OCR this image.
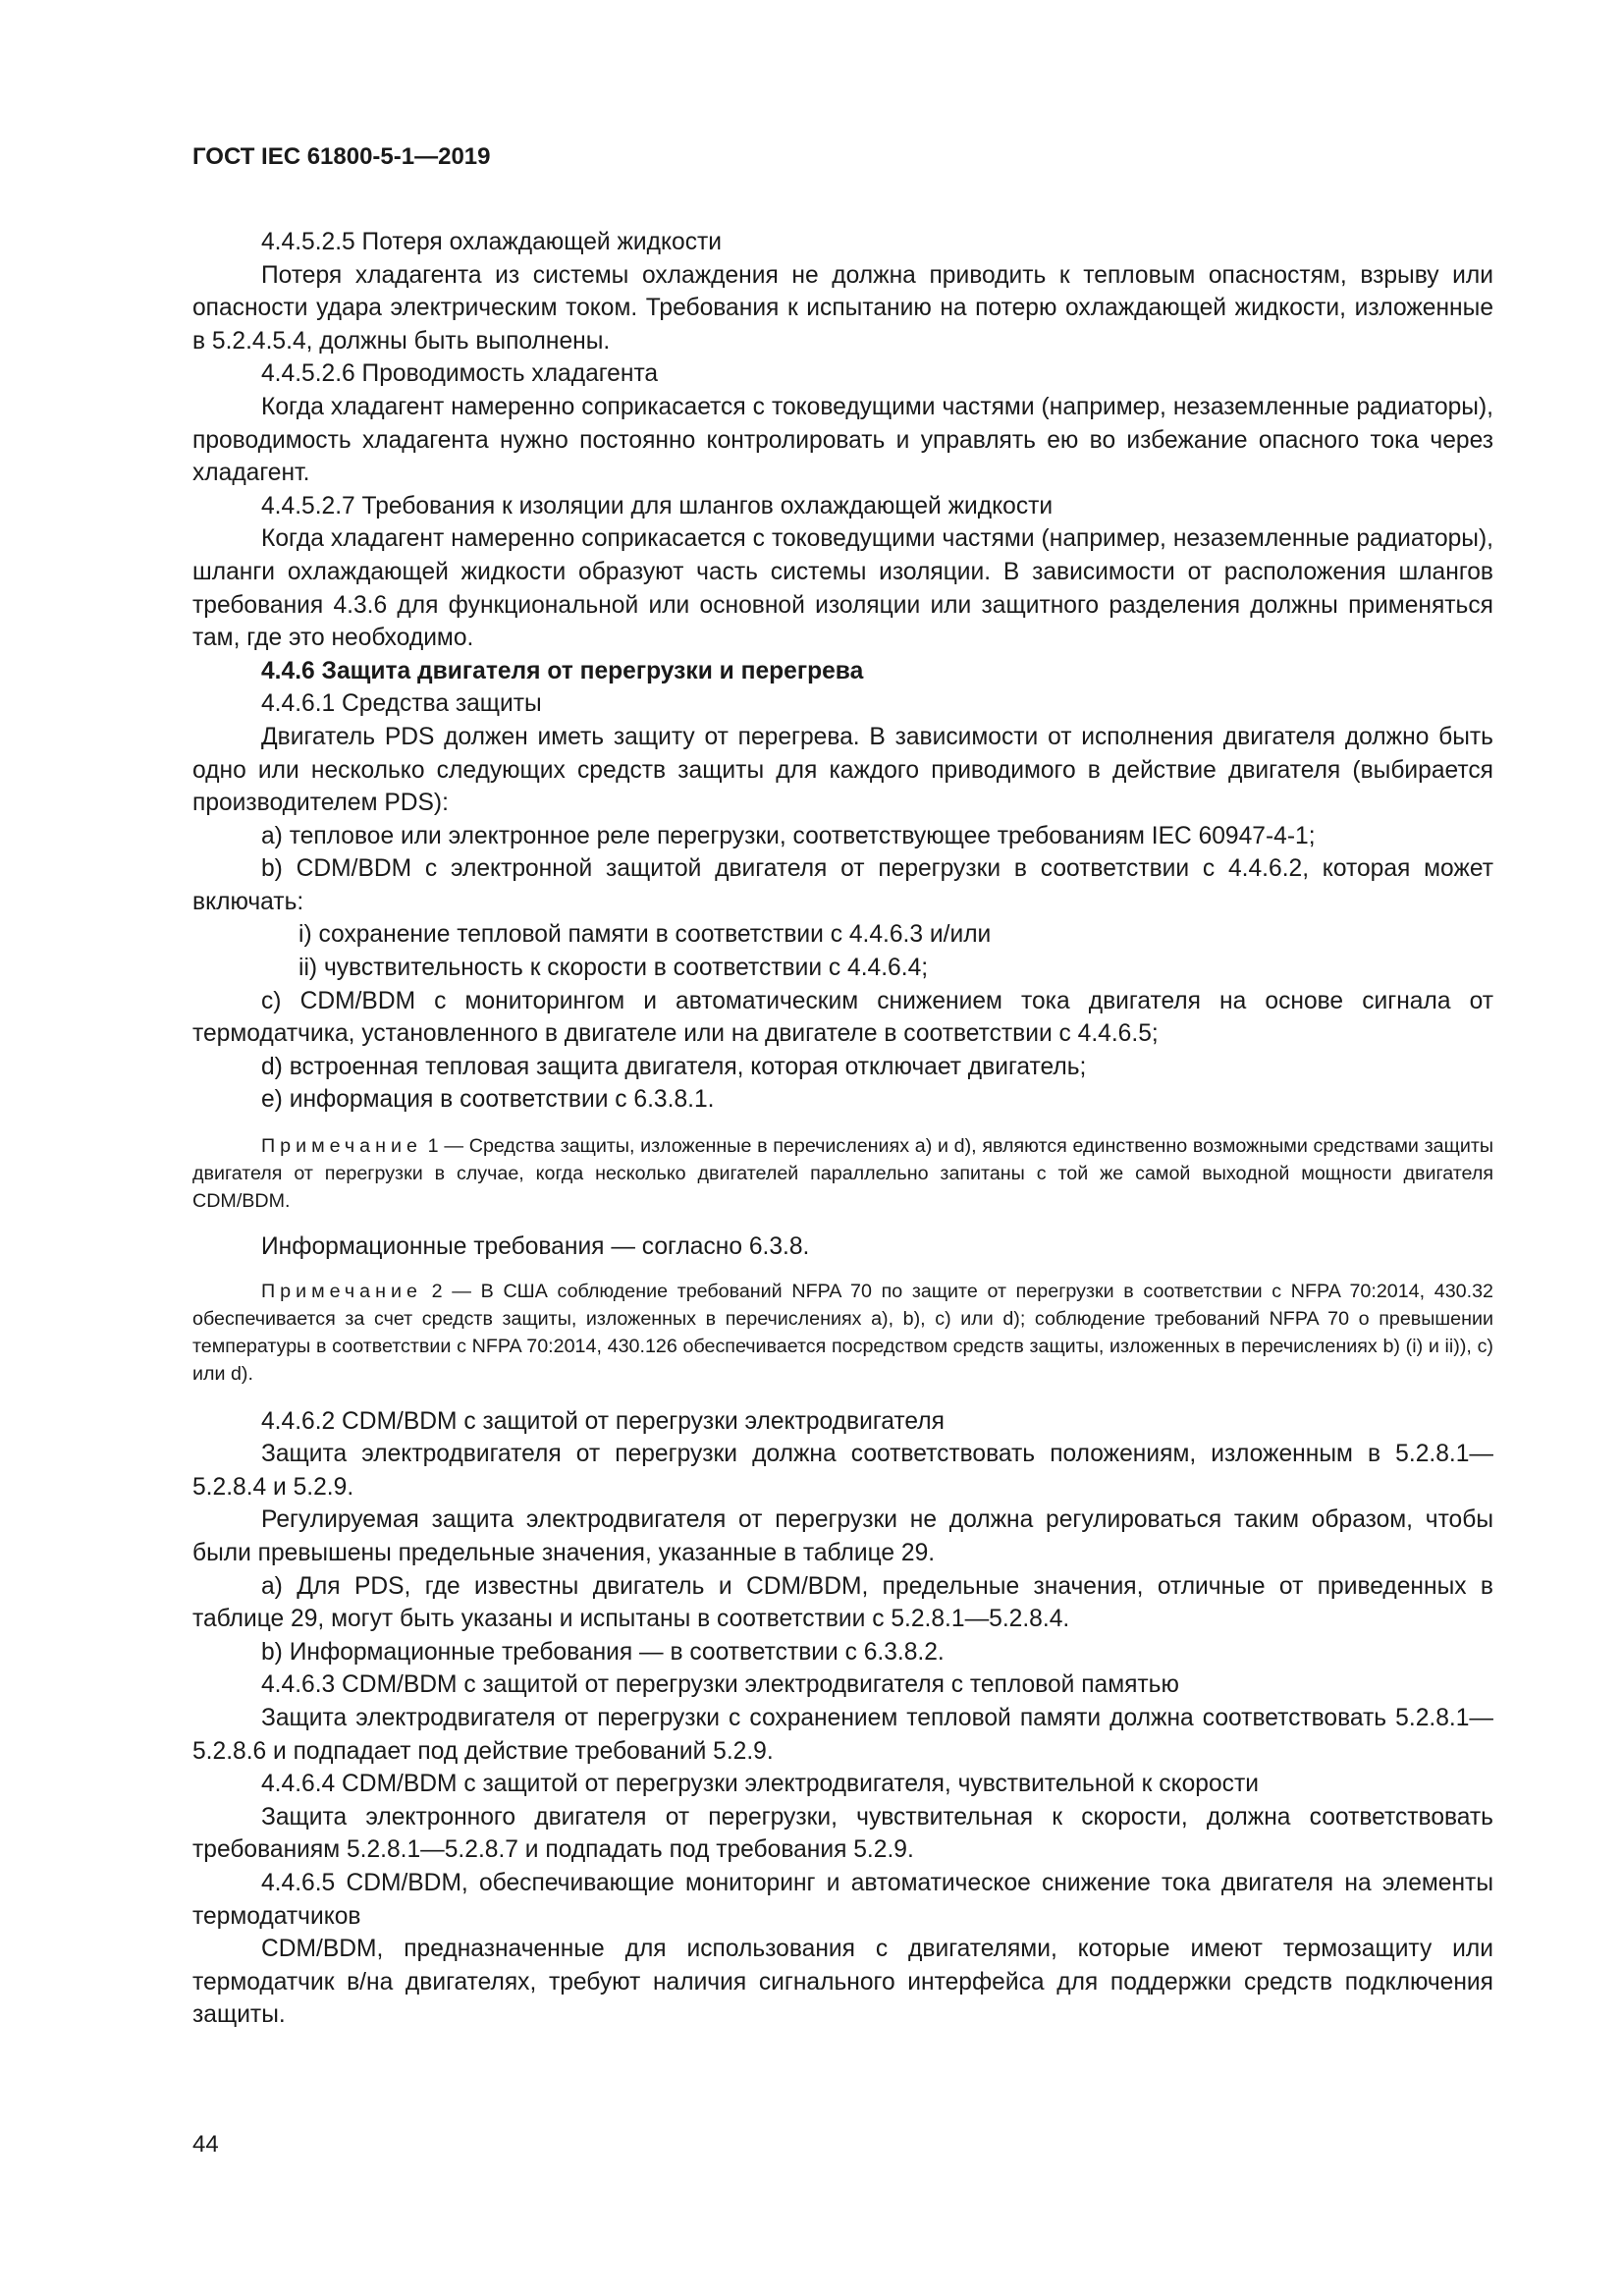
ГОСТ IEC 61800-5-1—2019

4.4.5.2.5 Потеря охлаждающей жидкости

Потеря хладагента из системы охлаждения не должна приводить к тепловым опасностям, взрыву или опасности удара электрическим током. Требования к испытанию на потерю охлаждающей жидкости, изложенные в 5.2.4.5.4, должны быть выполнены.

4.4.5.2.6 Проводимость хладагента

Когда хладагент намеренно соприкасается с токоведущими частями (например, незаземленные радиаторы), проводимость хладагента нужно постоянно контролировать и управлять ею во избежание опасного тока через хладагент.

4.4.5.2.7 Требования к изоляции для шлангов охлаждающей жидкости

Когда хладагент намеренно соприкасается с токоведущими частями (например, незаземленные радиаторы), шланги охлаждающей жидкости образуют часть системы изоляции. В зависимости от расположения шлангов требования 4.3.6 для функциональной или основной изоляции или защитного разделения должны применяться там, где это необходимо.

4.4.6 Защита двигателя от перегрузки и перегрева

4.4.6.1 Средства защиты

Двигатель PDS должен иметь защиту от перегрева. В зависимости от исполнения двигателя должно быть одно или несколько следующих средств защиты для каждого приводимого в действие двигателя (выбирается производителем PDS):

а) тепловое или электронное реле перегрузки, соответствующее требованиям IEC 60947-4-1;

b) CDM/BDM с электронной защитой двигателя от перегрузки в соответствии с 4.4.6.2, которая может включать:

i) сохранение тепловой памяти в соответствии с 4.4.6.3 и/или

ii) чувствительность к скорости в соответствии с 4.4.6.4;

c) CDM/BDM с мониторингом и автоматическим снижением тока двигателя на основе сигнала от термодатчика, установленного в двигателе или на двигателе в соответствии с 4.4.6.5;

d) встроенная тепловая защита двигателя, которая отключает двигатель;

е) информация в соответствии с 6.3.8.1.

Примечание 1 — Средства защиты, изложенные в перечислениях а) и d), являются единственно возможными средствами защиты двигателя от перегрузки в случае, когда несколько двигателей параллельно запитаны с той же самой выходной мощности двигателя CDM/BDM.

Информационные требования — согласно 6.3.8.

Примечание 2 — В США соблюдение требований NFPA 70 по защите от перегрузки в соответствии с NFPA 70:2014, 430.32 обеспечивается за счет средств защиты, изложенных в перечислениях а), b), c) или d); соблюдение требований NFPA 70 о превышении температуры в соответствии с NFPA 70:2014, 430.126 обеспечивается посредством средств защиты, изложенных в перечислениях b) (i) и ii)), c) или d).

4.4.6.2 CDM/BDM с защитой от перегрузки электродвигателя

Защита электродвигателя от перегрузки должна соответствовать положениям, изложенным в 5.2.8.1—5.2.8.4 и 5.2.9.

Регулируемая защита электродвигателя от перегрузки не должна регулироваться таким образом, чтобы были превышены предельные значения, указанные в таблице 29.

а) Для PDS, где известны двигатель и CDM/BDM, предельные значения, отличные от приведенных в таблице 29, могут быть указаны и испытаны в соответствии с 5.2.8.1—5.2.8.4.

b) Информационные требования — в соответствии с 6.3.8.2.

4.4.6.3 CDM/BDM с защитой от перегрузки электродвигателя с тепловой памятью

Защита электродвигателя от перегрузки с сохранением тепловой памяти должна соответствовать 5.2.8.1—5.2.8.6 и подпадает под действие требований 5.2.9.

4.4.6.4 CDM/BDM с защитой от перегрузки электродвигателя, чувствительной к скорости

Защита электронного двигателя от перегрузки, чувствительная к скорости, должна соответствовать требованиям 5.2.8.1—5.2.8.7 и подпадать под требования 5.2.9.

4.4.6.5 CDM/BDM, обеспечивающие мониторинг и автоматическое снижение тока двигателя на элементы термодатчиков

CDM/BDM, предназначенные для использования с двигателями, которые имеют термозащиту или термодатчик в/на двигателях, требуют наличия сигнального интерфейса для поддержки средств подключения защиты.

44
